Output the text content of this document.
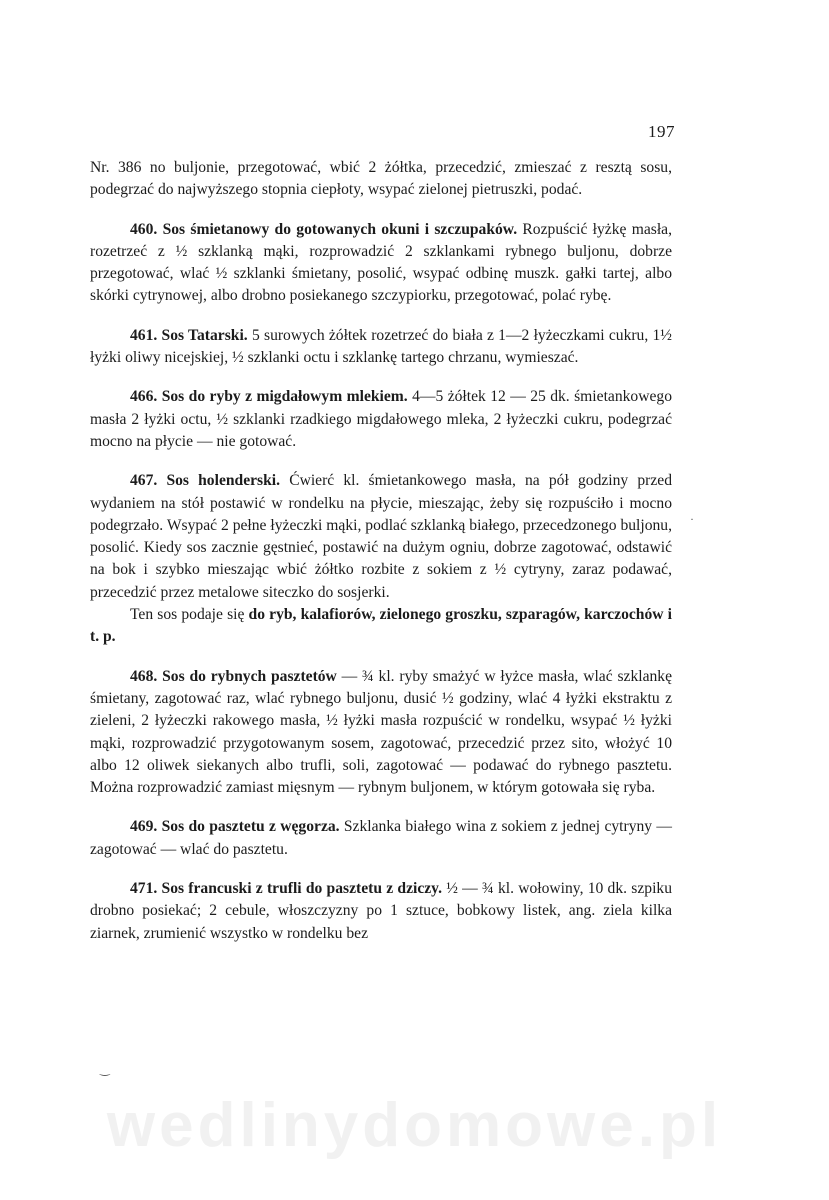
197

Nr. 386 no buljonie, przegotować, wbić 2 żółtka, przecedzić, zmieszać z resztą sosu, podegrzać do najwyższego stopnia ciepłoty, wsypać zielonej pietruszki, podać.

460. Sos śmietanowy do gotowanych okuni i szczupaków. Rozpuścić łyżkę masła, rozetrzeć z ½ szklanką mąki, rozprowadzić 2 szklankami rybnego buljonu, dobrze przegotować, wlać ½ szklanki śmietany, posolić, wsypać odbinę muszk. gałki tartej, albo skórki cytrynowej, albo drobno posiekanego szczypiorku, przegotować, polać rybę.
461. Sos Tatarski. 5 surowych żółtek rozetrzeć do biała z 1—2 łyżeczkami cukru, 1½ łyżki oliwy nicejskiej, ½ szklanki octu i szklankę tartego chrzanu, wymieszać.
466. Sos do ryby z migdałowym mlekiem. 4—5 żółtek 12 — 25 dk. śmietankowego masła 2 łyżki octu, ½ szklanki rzadkiego migdałowego mleka, 2 łyżeczki cukru, podegrzać mocno na płycie — nie gotować.
467. Sos holenderski. Ćwierć kl. śmietankowego masła, na pół godziny przed wydaniem na stół postawić w rondelku na płycie, mieszając, żeby się rozpuściło i mocno podegrzało. Wsypać 2 pełne łyżeczki mąki, podlać szklanką białego, przecedzonego buljonu, posolić. Kiedy sos zacznie gęstnieć, postawić na dużym ogniu, dobrze zagotować, odstawić na bok i szybko mieszając wbić żółtko rozbite z sokiem z ½ cytryny, zaraz podawać, przecedzić przez metalowe siteczko do sosjerki.

Ten sos podaje się do ryb, kalafiorów, zielonego groszku, szparagów, karczochów i t. p.

468. Sos do rybnych pasztetów — ¾ kl. ryby smażyć w łyżce masła, wlać szklankę śmietany, zagotować raz, wlać rybnego buljonu, dusić ½ godziny, wlać 4 łyżki ekstraktu z zieleni, 2 łyżeczki rakowego masła, ½ łyżki masła rozpuścić w rondelku, wsypać ½ łyżki mąki, rozprowadzić przygotowanym sosem, zagotować, przecedzić przez sito, włożyć 10 albo 12 oliwek siekanych albo trufli, soli, zagotować — podawać do rybnego pasztetu. Można rozprowadzić zamiast mięsnym — rybnym buljonem, w którym gotowała się ryba.
469. Sos do pasztetu z węgorza. Szklanka białego wina z sokiem z jednej cytryny — zagotować — wlać do pasztetu.
471. Sos francuski z trufli do pasztetu z dziczy. ½ — ¾ kl. wołowiny, 10 dk. szpiku drobno posiekać; 2 cebule, włoszczyzny po 1 sztuce, bobkowy listek, ang. ziela kilka ziarnek, zrumienić wszystko w rondelku bez
‿
·
wedlinydomowe.pl
